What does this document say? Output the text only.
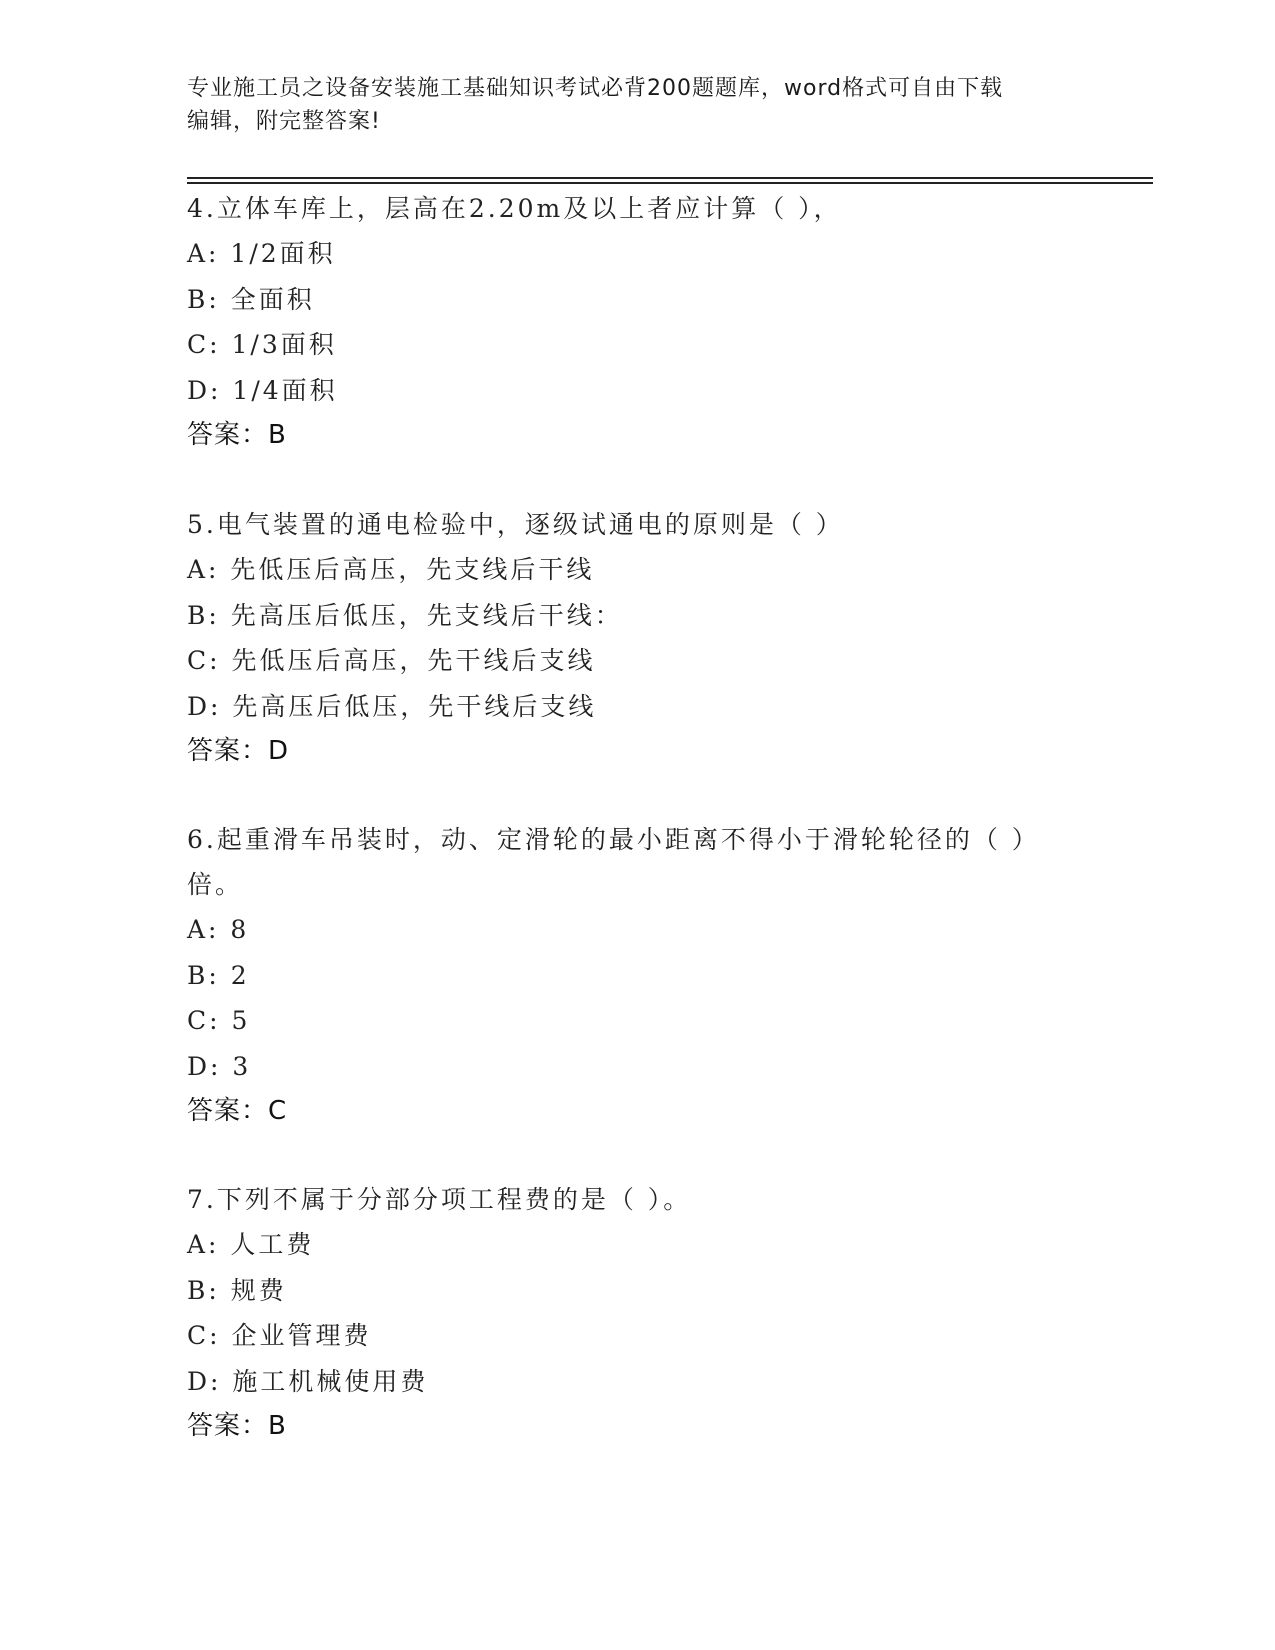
专业施工员之设备安装施工基础知识考试必背200题题库，word格式可自由下载
编辑，附完整答案!
4.立体车库上，层高在2.20m及以上者应计算（ ），
A: 1/2面积
B: 全面积
C: 1/3面积
D: 1/4面积
答案：B
5.电气装置的通电检验中，逐级试通电的原则是（ ）
A: 先低压后高压，先支线后干线
B: 先高压后低压，先支线后干线：
C: 先低压后高压，先干线后支线
D: 先高压后低压，先干线后支线
答案：D
6.起重滑车吊装时，动、定滑轮的最小距离不得小于滑轮轮径的（ ）
倍。
A: 8
B: 2
C: 5
D: 3
答案：C
7.下列不属于分部分项工程费的是（ ）。
A: 人工费
B: 规费
C: 企业管理费
D: 施工机械使用费
答案：B
